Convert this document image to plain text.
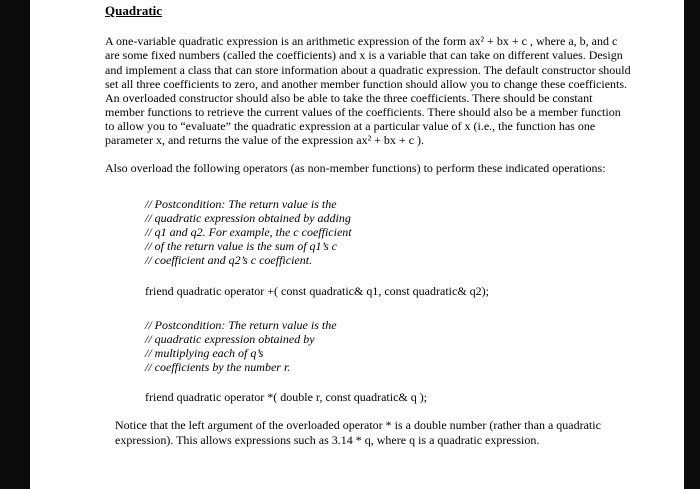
Quadratic

A one-variable quadratic expression is an arithmetic expression of the form ax² + bx + c , where a, b, and c are some fixed numbers (called the coefficients) and x is a variable that can take on different values. Design and implement a class that can store information about a quadratic expression. The default constructor should set all three coefficients to zero, and another member function should allow you to change these coefficients. An overloaded constructor should also be able to take the three coefficients. There should be constant member functions to retrieve the current values of the coefficients. There should also be a member function to allow you to “evaluate” the quadratic expression at a particular value of x (i.e., the function has one parameter x, and returns the value of the expression ax² + bx + c ).

Also overload the following operators (as non-member functions) to perform these indicated operations:

// Postcondition: The return value is the
// quadratic expression obtained by adding
// q1 and q2. For example, the c coefficient
// of the return value is the sum of q1’s c
// coefficient and q2’s c coefficient.
friend quadratic operator +( const quadratic& q1, const quadratic& q2);
// Postcondition: The return value is the
// quadratic expression obtained by
// multiplying each of q’s
// coefficients by the number r.
friend quadratic operator *( double r, const quadratic& q );

Notice that the left argument of the overloaded operator * is a double number (rather than a quadratic expression). This allows expressions such as 3.14 * q, where q is a quadratic expression.
